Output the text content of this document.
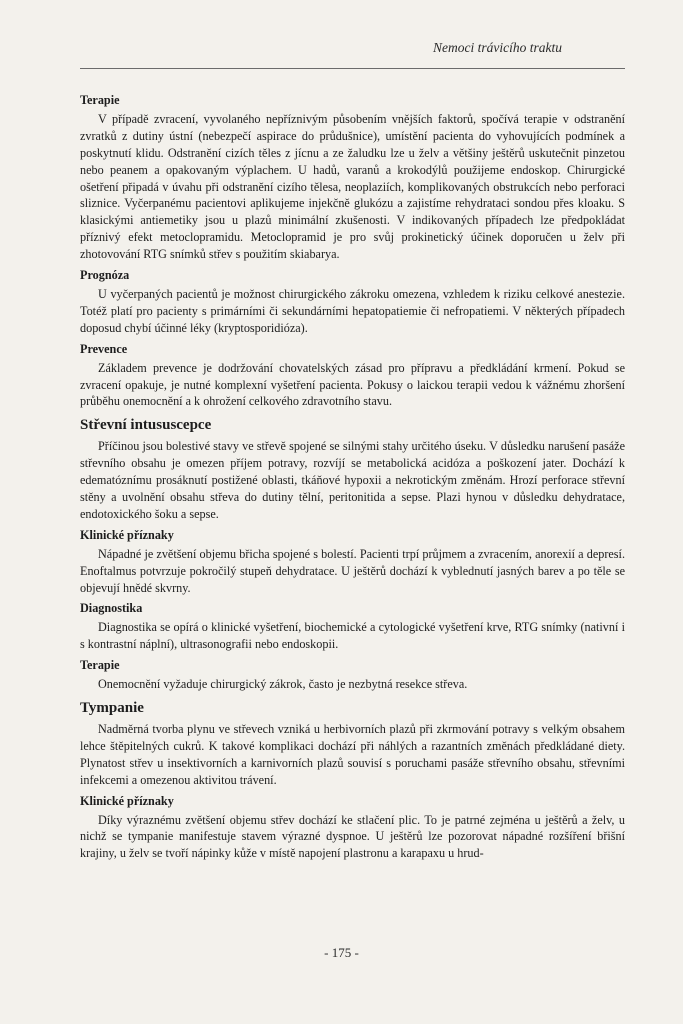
Nemoci trávicího traktu
Terapie

V případě zvracení, vyvolaného nepříznivým působením vnějších faktorů, spočívá terapie v odstranění zvratků z dutiny ústní (nebezpečí aspirace do průdušnice), umístění pacienta do vyhovujících podmínek a poskytnutí klidu. Odstranění cizích těles z jícnu a ze žaludku lze u želv a většiny ještěrů uskutečnit pinzetou nebo peanem a opakovaným výplachem. U hadů, varanů a krokodýlů použijeme endoskop. Chirurgické ošetření připadá v úvahu při odstranění cizího tělesa, neoplaziích, komplikovaných obstrukcích nebo perforaci sliznice. Vyčerpanému pacientovi aplikujeme injekčně glukózu a zajistíme rehydrataci sondou přes kloaku. S klasickými antiemetiky jsou u plazů minimální zkušenosti. V indikovaných případech lze předpokládat příznivý efekt metoclopramidu. Metoclopramid je pro svůj prokinetický účinek doporučen u želv při zhotovování RTG snímků střev s použitím skiabarya.

Prognóza

U vyčerpaných pacientů je možnost chirurgického zákroku omezena, vzhledem k riziku celkové anestezie. Totéž platí pro pacienty s primárními či sekundárními hepatopatiemie či nefropatiemi. V některých případech doposud chybí účinné léky (kryptosporidióza).

Prevence

Základem prevence je dodržování chovatelských zásad pro přípravu a předkládání krmení. Pokud se zvracení opakuje, je nutné komplexní vyšetření pacienta. Pokusy o laickou terapii vedou k vážnému zhoršení průběhu onemocnění a k ohrožení celkového zdravotního stavu.

Střevní intususcepce

Příčinou jsou bolestivé stavy ve střevě spojené se silnými stahy určitého úseku. V důsledku narušení pasáže střevního obsahu je omezen příjem potravy, rozvíjí se metabolická acidóza a poškození jater. Dochází k edematóznímu prosáknutí postižené oblasti, tkáňové hypoxii a nekrotickým změnám. Hrozí perforace střevní stěny a uvolnění obsahu střeva do dutiny tělní, peritonitida a sepse. Plazi hynou v důsledku dehydratace, endotoxického šoku a sepse.

Klinické příznaky

Nápadné je zvětšení objemu břicha spojené s bolestí. Pacienti trpí průjmem a zvracením, anorexií a depresí. Enoftalmus potvrzuje pokročilý stupeň dehydratace. U ještěrů dochází k vyblednutí jasných barev a po těle se objevují hnědé skvrny.

Diagnostika

Diagnostika se opírá o klinické vyšetření, biochemické a cytologické vyšetření krve, RTG snímky (nativní i s kontrastní náplní), ultrasonografii nebo endoskopii.

Terapie

Onemocnění vyžaduje chirurgický zákrok, často je nezbytná resekce střeva.

Tympanie

Nadměrná tvorba plynu ve střevech vzniká u herbivorních plazů při zkrmování potravy s velkým obsahem lehce štěpitelných cukrů. K takové komplikaci dochází při náhlých a razantních změnách předkládané diety. Plynatost střev u insektivorních a karnivorních plazů souvisí s poruchami pasáže střevního obsahu, střevními infekcemi a omezenou aktivitou trávení.

Klinické příznaky

Díky výraznému zvětšení objemu střev dochází ke stlačení plic. To je patrné zejména u ještěrů a želv, u nichž se tympanie manifestuje stavem výrazné dyspnoe. U ještěrů lze pozorovat nápadné rozšíření břišní krajiny, u želv se tvoří nápinky kůže v místě napojení plastronu a karapaxu u hrud-

- 175 -
